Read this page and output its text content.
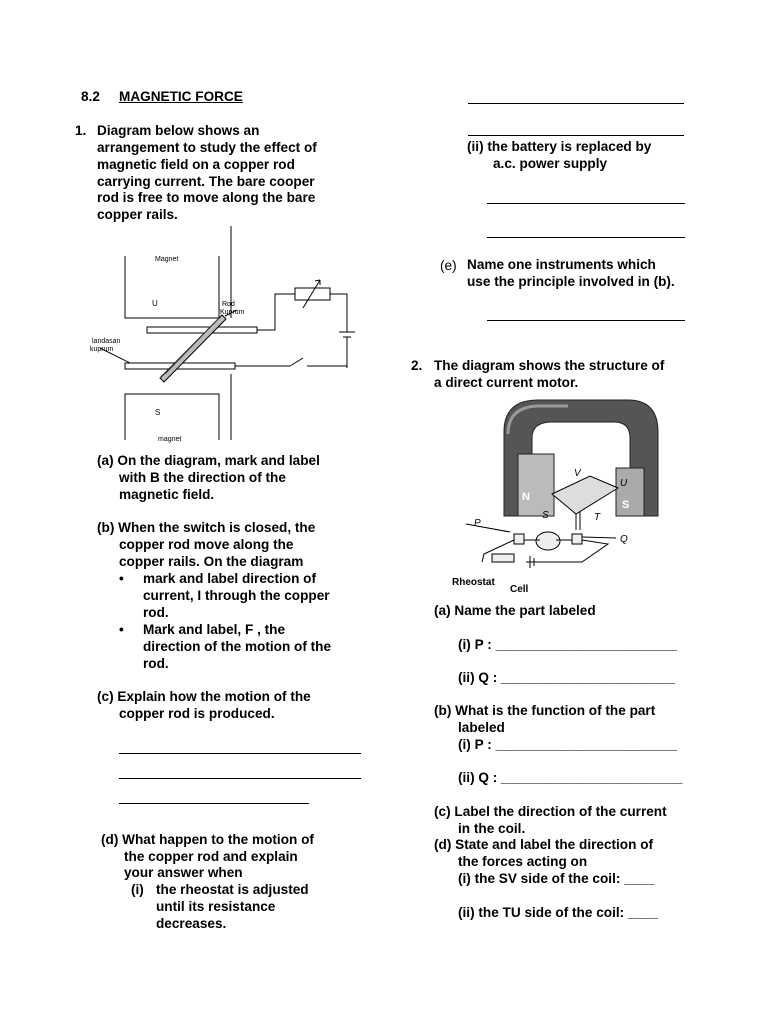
8.2 MAGNETIC FORCE
1. Diagram below shows an
arrangement to study the effect of
magnetic field on a copper rod
carrying current. The bare cooper
rod is free to move along the bare
copper rails.
Magnet
U	Rod
Kuprum
landasan
kuprum
S
magnet
(a) On the diagram, mark and label
with B the direction of the
magnetic field.
(b) When the switch is closed, the
copper rod move along the
copper rails. On the diagram
• mark and label direction of
current, I through the copper
rod.
• Mark and label, F , the
direction of the motion of the
rod.
(c) Explain how the motion of the
copper rod is produced.
(d) What happen to the motion of
the copper rod and explain
your answer when
(i) the rheostat is adjusted
until its resistance
decreases.
(ii) the battery is replaced by
a.c. power supply
(e) Name one instruments which
use the principle involved in (b).
2. The diagram shows the structure of
a direct current motor.
N
S
V
U
S	T
P
Q
Rheostat
Cell
(a) Name the part labeled
(i) P : ________________________
(ii) Q : _______________________
(b) What is the function of the part
labeled
(i) P : ________________________
(ii) Q : ________________________
(c) Label the direction of the current
in the coil.
(d) State and label the direction of
the forces acting on
(i) the SV side of the coil: ____
(ii) the TU side of the coil: ____
